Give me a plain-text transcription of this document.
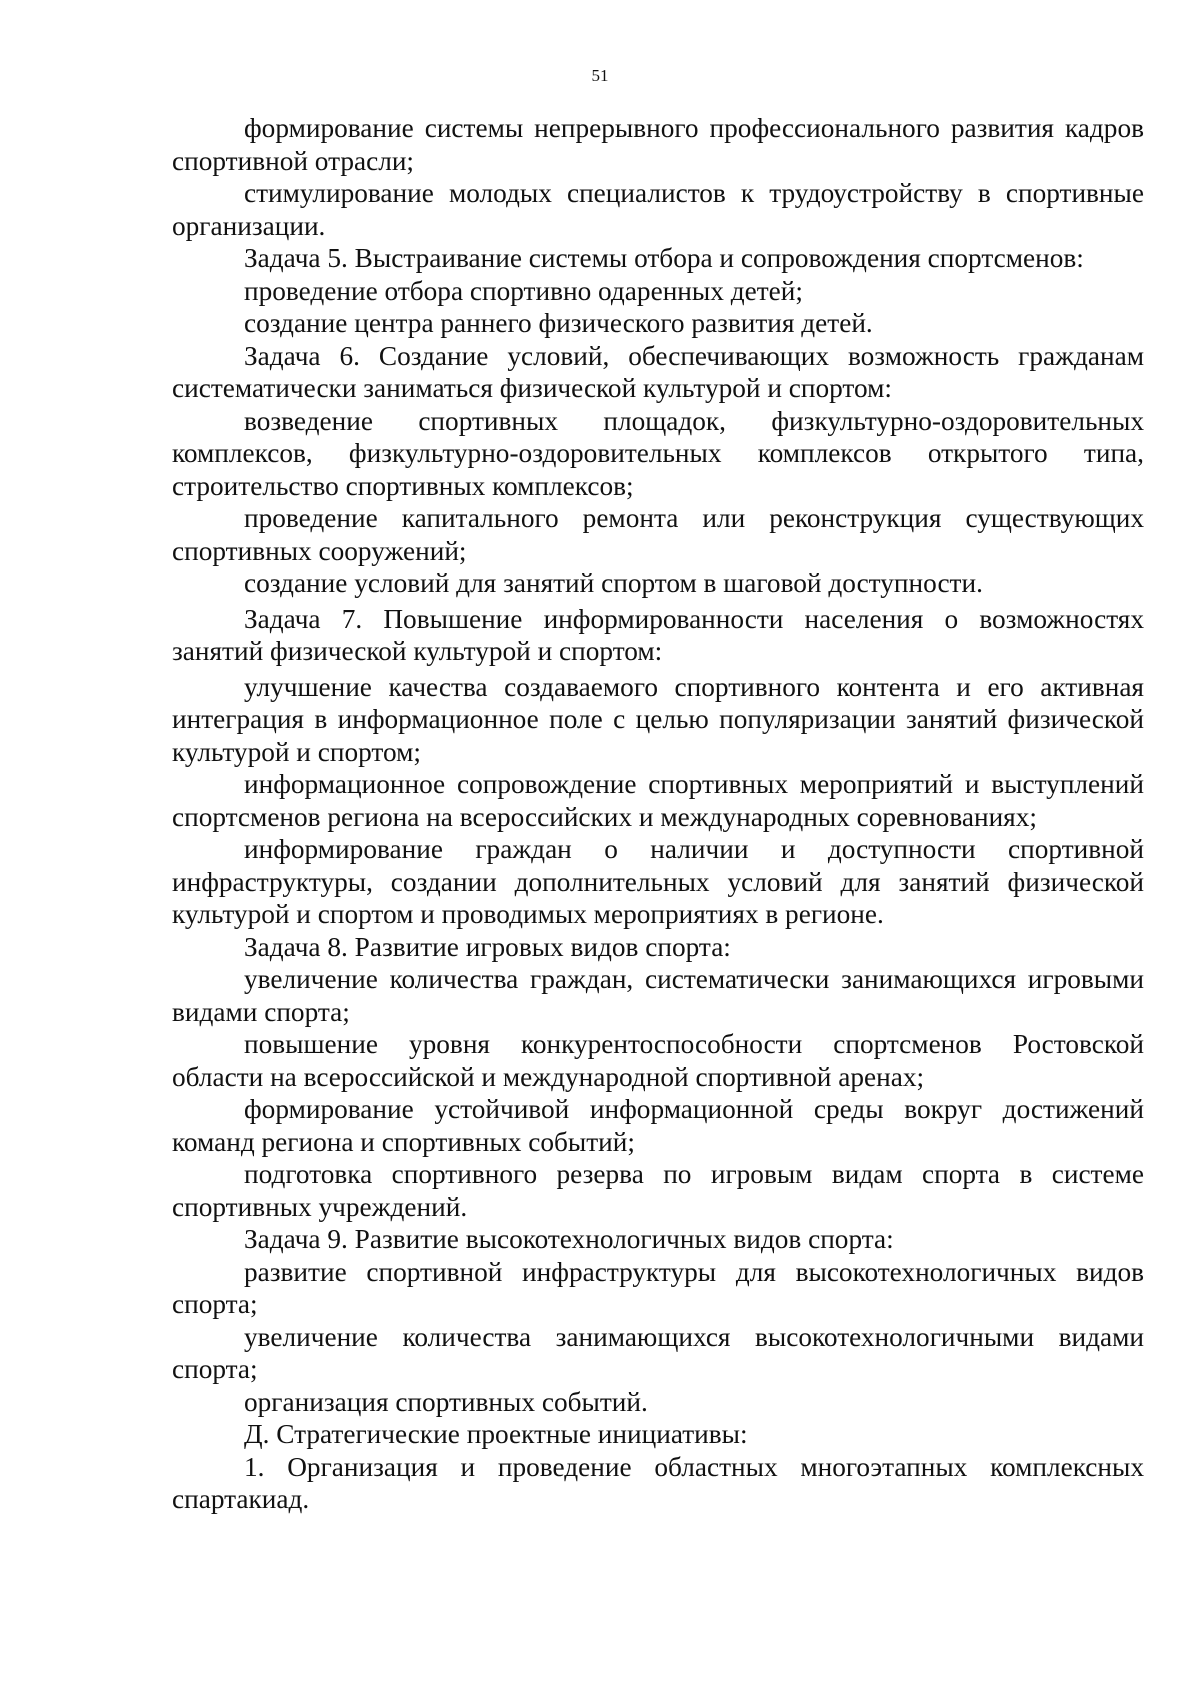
51

формирование системы непрерывного профессионального развития кадров спортивной отрасли;

стимулирование молодых специалистов к трудоустройству в спортивные организации.

Задача 5. Выстраивание системы отбора и сопровождения спортсменов:

проведение отбора спортивно одаренных детей;

создание центра раннего физического развития детей.

Задача 6. Создание условий, обеспечивающих возможность гражданам систематически заниматься физической культурой и спортом:

возведение спортивных площадок, физкультурно-оздоровительных комплексов, физкультурно-оздоровительных комплексов открытого типа, строительство спортивных комплексов;

проведение капитального ремонта или реконструкция существующих спортивных сооружений;

создание условий для занятий спортом в шаговой доступности.

Задача 7. Повышение информированности населения о возможностях занятий физической культурой и спортом:

улучшение качества создаваемого спортивного контента и его активная интеграция в информационное поле с целью популяризации занятий физической культурой и спортом;

информационное сопровождение спортивных мероприятий и выступлений спортсменов региона на всероссийских и международных соревнованиях;

информирование граждан о наличии и доступности спортивной инфраструктуры, создании дополнительных условий для занятий физической культурой и спортом и проводимых мероприятиях в регионе.

Задача 8. Развитие игровых видов спорта:

увеличение количества граждан, систематически занимающихся игровыми видами спорта;

повышение уровня конкурентоспособности спортсменов Ростовской области на всероссийской и международной спортивной аренах;

формирование устойчивой информационной среды вокруг достижений команд региона и спортивных событий;

подготовка спортивного резерва по игровым видам спорта в системе спортивных учреждений.

Задача 9. Развитие высокотехнологичных видов спорта:

развитие спортивной инфраструктуры для высокотехнологичных видов спорта;

увеличение количества занимающихся высокотехнологичными видами спорта;

организация спортивных событий.

Д. Стратегические проектные инициативы:

1. Организация и проведение областных многоэтапных комплексных спартакиад.
